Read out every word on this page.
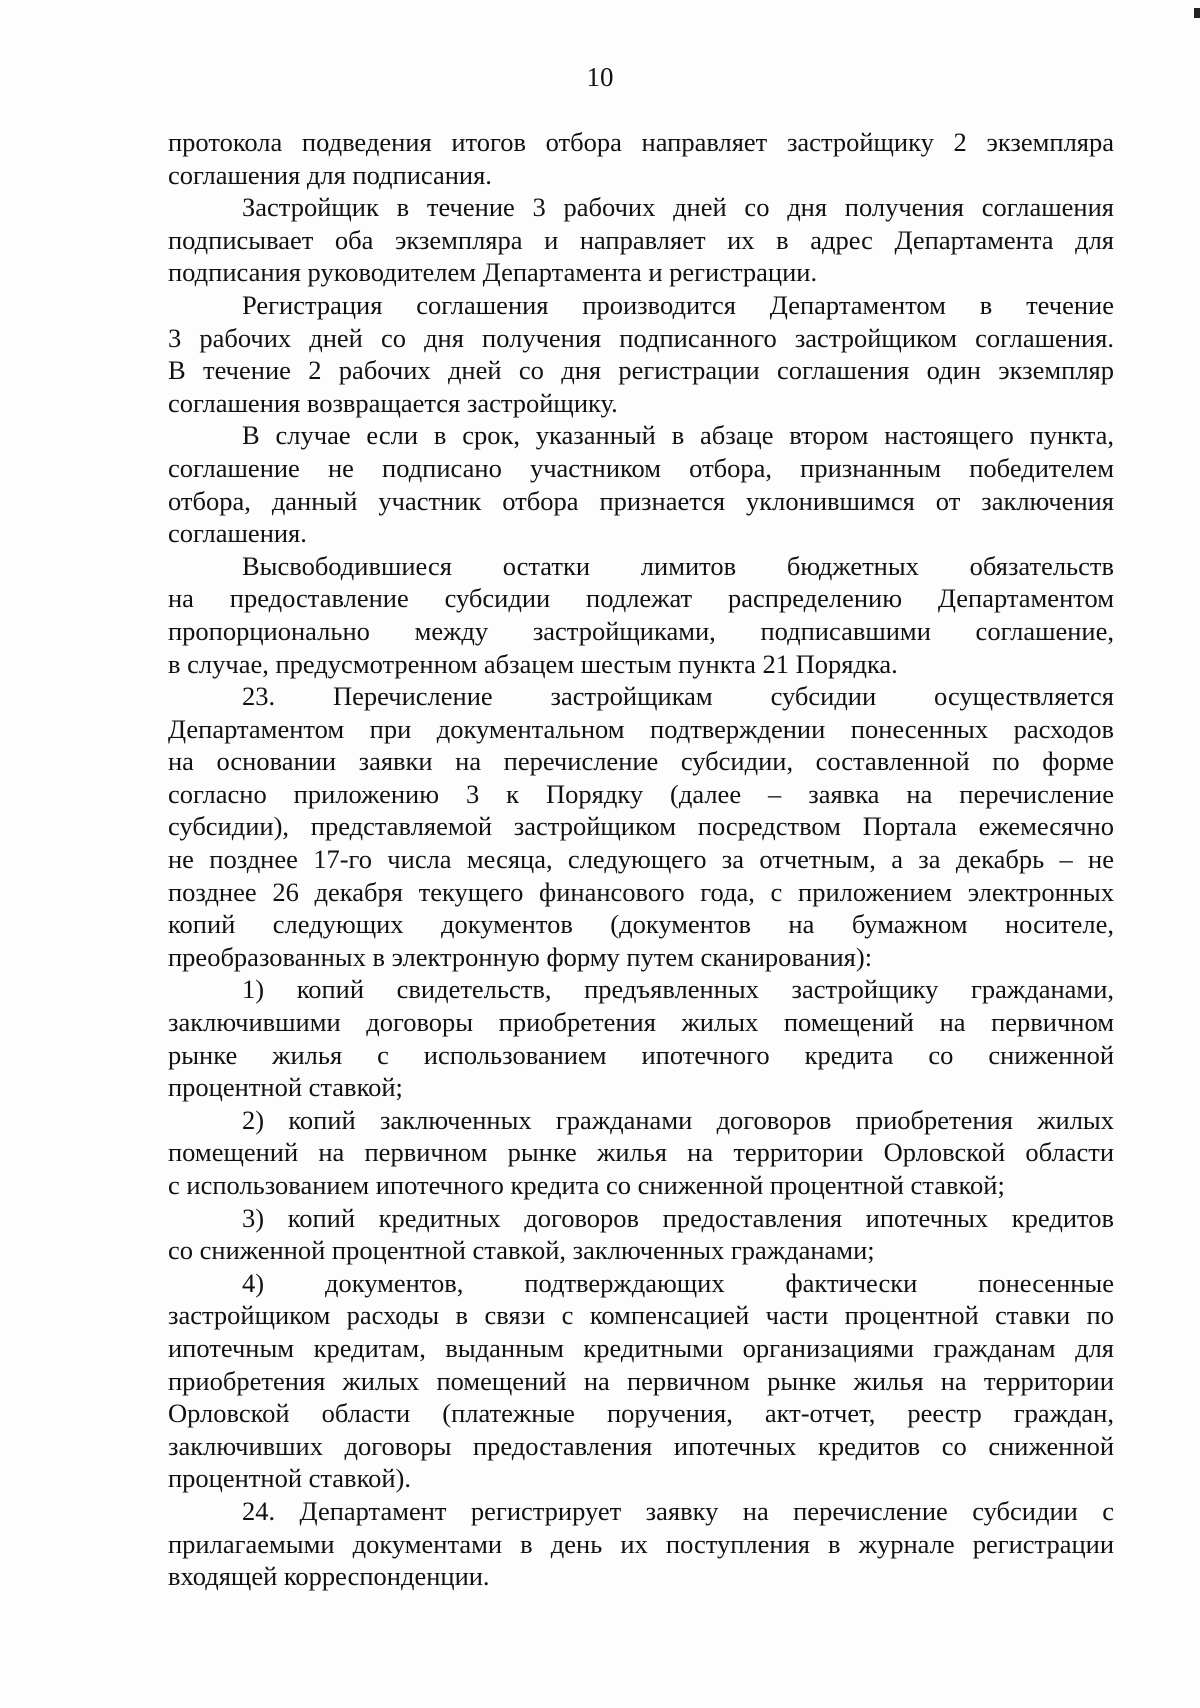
10
протокола подведения итогов отбора направляет застройщику 2 экземпляра
соглашения для подписания.
Застройщик в течение 3 рабочих дней со дня получения соглашения
подписывает оба экземпляра и направляет их в адрес Департамента для
подписания руководителем Департамента и регистрации.
Регистрация соглашения производится Департаментом в течение
3 рабочих дней со дня получения подписанного застройщиком соглашения.
В течение 2 рабочих дней со дня регистрации соглашения один экземпляр
соглашения возвращается застройщику.
В случае если в срок, указанный в абзаце втором настоящего пункта,
соглашение не подписано участником отбора, признанным победителем
отбора, данный участник отбора признается уклонившимся от заключения
соглашения.
Высвободившиеся остатки лимитов бюджетных обязательств
на предоставление субсидии подлежат распределению Департаментом
пропорционально между застройщиками, подписавшими соглашение,
в случае, предусмотренном абзацем шестым пункта 21 Порядка.
23. Перечисление застройщикам субсидии осуществляется
Департаментом при документальном подтверждении понесенных расходов
на основании заявки на перечисление субсидии, составленной по форме
согласно приложению 3 к Порядку (далее – заявка на перечисление
субсидии), представляемой застройщиком посредством Портала ежемесячно
не позднее 17-го числа месяца, следующего за отчетным, а за декабрь – не
позднее 26 декабря текущего финансового года, с приложением электронных
копий следующих документов (документов на бумажном носителе,
преобразованных в электронную форму путем сканирования):
1) копий свидетельств, предъявленных застройщику гражданами,
заключившими договоры приобретения жилых помещений на первичном
рынке жилья с использованием ипотечного кредита со сниженной
процентной ставкой;
2) копий заключенных гражданами договоров приобретения жилых
помещений на первичном рынке жилья на территории Орловской области
с использованием ипотечного кредита со сниженной процентной ставкой;
3) копий кредитных договоров предоставления ипотечных кредитов
со сниженной процентной ставкой, заключенных гражданами;
4) документов, подтверждающих фактически понесенные
застройщиком расходы в связи с компенсацией части процентной ставки по
ипотечным кредитам, выданным кредитными организациями гражданам для
приобретения жилых помещений на первичном рынке жилья на территории
Орловской области (платежные поручения, акт-отчет, реестр граждан,
заключивших договоры предоставления ипотечных кредитов со сниженной
процентной ставкой).
24. Департамент регистрирует заявку на перечисление субсидии с
прилагаемыми документами в день их поступления в журнале регистрации
входящей корреспонденции.
